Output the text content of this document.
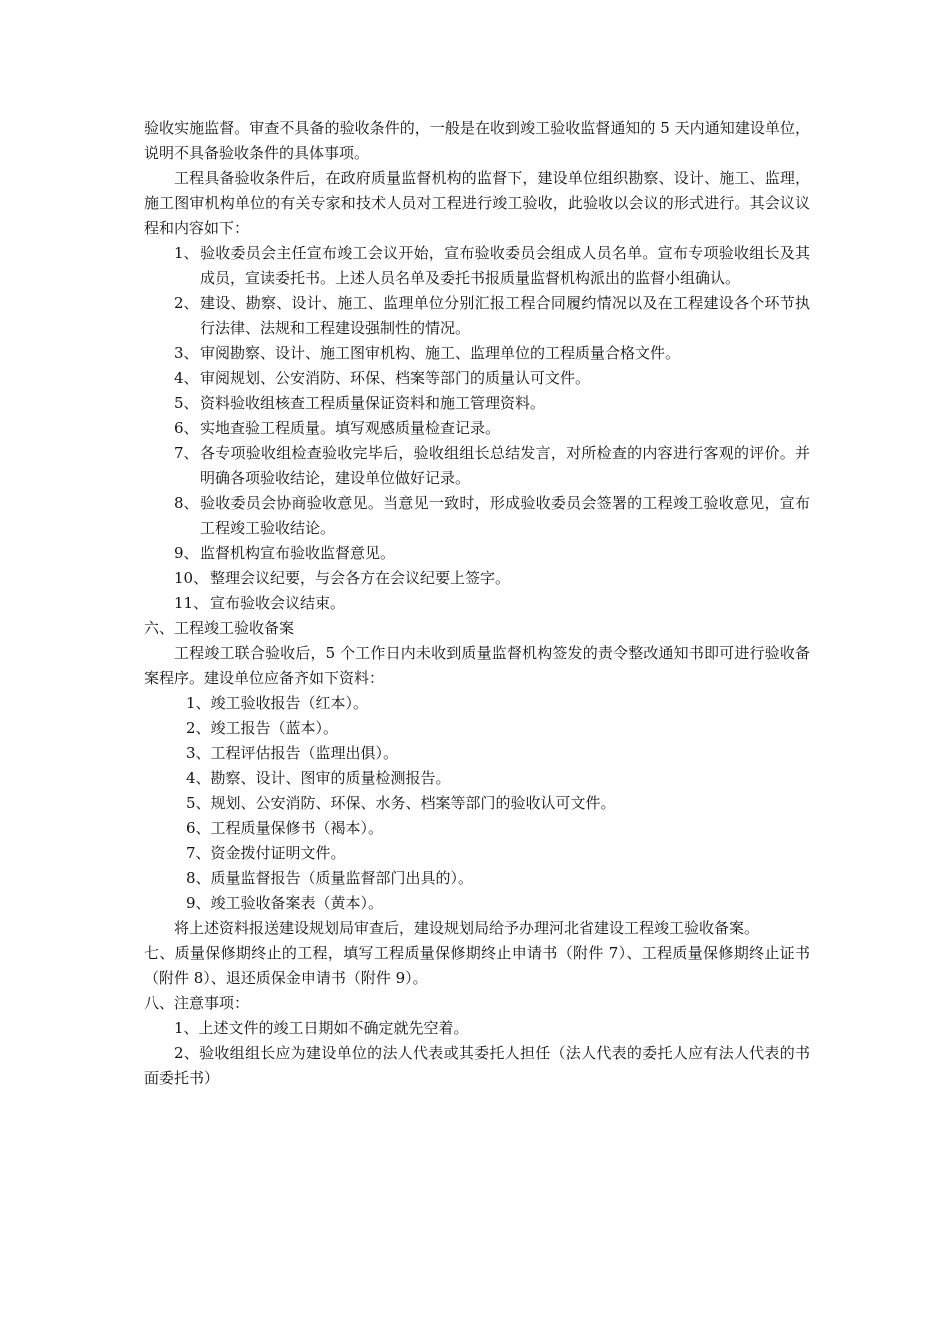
验收实施监督。审查不具备的验收条件的，一般是在收到竣工验收监督通知的 5 天内通知建设单位，说明不具备验收条件的具体事项。

工程具备验收条件后，在政府质量监督机构的监督下，建设单位组织勘察、设计、施工、监理，施工图审机构单位的有关专家和技术人员对工程进行竣工验收，此验收以会议的形式进行。其会议议程和内容如下：

1、 验收委员会主任宣布竣工会议开始，宣布验收委员会组成人员名单。宣布专项验收组长及其成员，宣读委托书。上述人员名单及委托书报质量监督机构派出的监督小组确认。

2、 建设、勘察、设计、施工、监理单位分别汇报工程合同履约情况以及在工程建设各个环节执行法律、法规和工程建设强制性的情况。

3、 审阅勘察、设计、施工图审机构、施工、监理单位的工程质量合格文件。

4、 审阅规划、公安消防、环保、档案等部门的质量认可文件。

5、 资料验收组核查工程质量保证资料和施工管理资料。

6、 实地查验工程质量。填写观感质量检查记录。

7、 各专项验收组检查验收完毕后，验收组组长总结发言，对所检查的内容进行客观的评价。并明确各项验收结论，建设单位做好记录。

8、 验收委员会协商验收意见。当意见一致时，形成验收委员会签署的工程竣工验收意见，宣布工程竣工验收结论。

9、 监督机构宣布验收监督意见。

10、 整理会议纪要，与会各方在会议纪要上签字。

11、 宣布验收会议结束。

六、工程竣工验收备案

工程竣工联合验收后，5 个工作日内未收到质量监督机构签发的责令整改通知书即可进行验收备案程序。建设单位应备齐如下资料：

1、竣工验收报告（红本）。

2、竣工报告（蓝本）。

3、工程评估报告（监理出俱）。

4、勘察、设计、图审的质量检测报告。

5、规划、公安消防、环保、水务、档案等部门的验收认可文件。

6、工程质量保修书（褐本）。

7、资金拨付证明文件。

8、质量监督报告（质量监督部门出具的）。

9、竣工验收备案表（黄本）。

将上述资料报送建设规划局审查后，建设规划局给予办理河北省建设工程竣工验收备案。

七、质量保修期终止的工程，填写工程质量保修期终止申请书（附件 7）、工程质量保修期终止证书（附件 8）、退还质保金申请书（附件 9）。

八、注意事项：

1、上述文件的竣工日期如不确定就先空着。

2、验收组组长应为建设单位的法人代表或其委托人担任（法人代表的委托人应有法人代表的书面委托书）
